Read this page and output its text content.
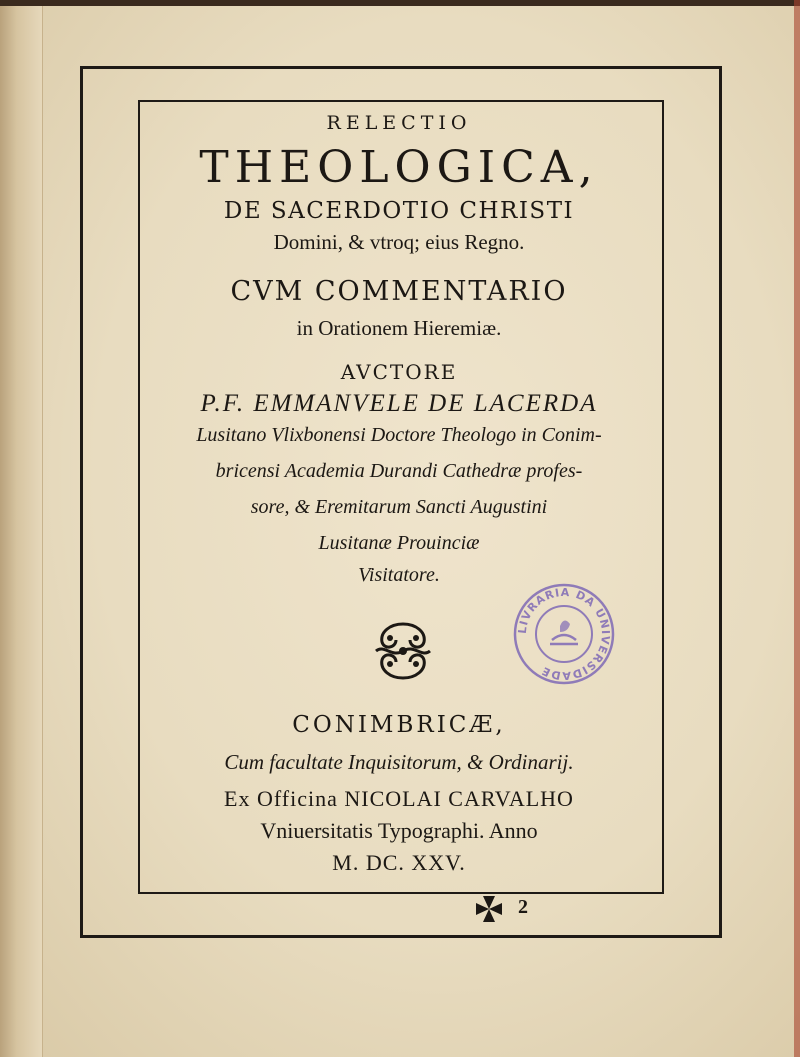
RELECTIO
THEOLOGICA,
DE SACERDOTIO CHRISTI
Domini, & vtroq; eius Regno.
CVM COMMENTARIO
in Orationem Hieremiæ.
AVCTORE
P.F. EMMANVELE DE LACERDA
Lusitano Vlixbonensi Doctore Theologo in Conim-
bricensi Academia Durandi Cathedræ profes-
sore, & Eremitarum Sancti Augustini
Lusitanæ Prouinciæ
Visitatore.
CONIMBRICÆ,
Cum facultate Inquisitorum, & Ordinarij.
Ex Officina NICOLAI CARVALHO
Vniuersitatis Typographi. Anno
M. DC. XXV.
LIVRARIA DA UNIVERSIDADE
2
